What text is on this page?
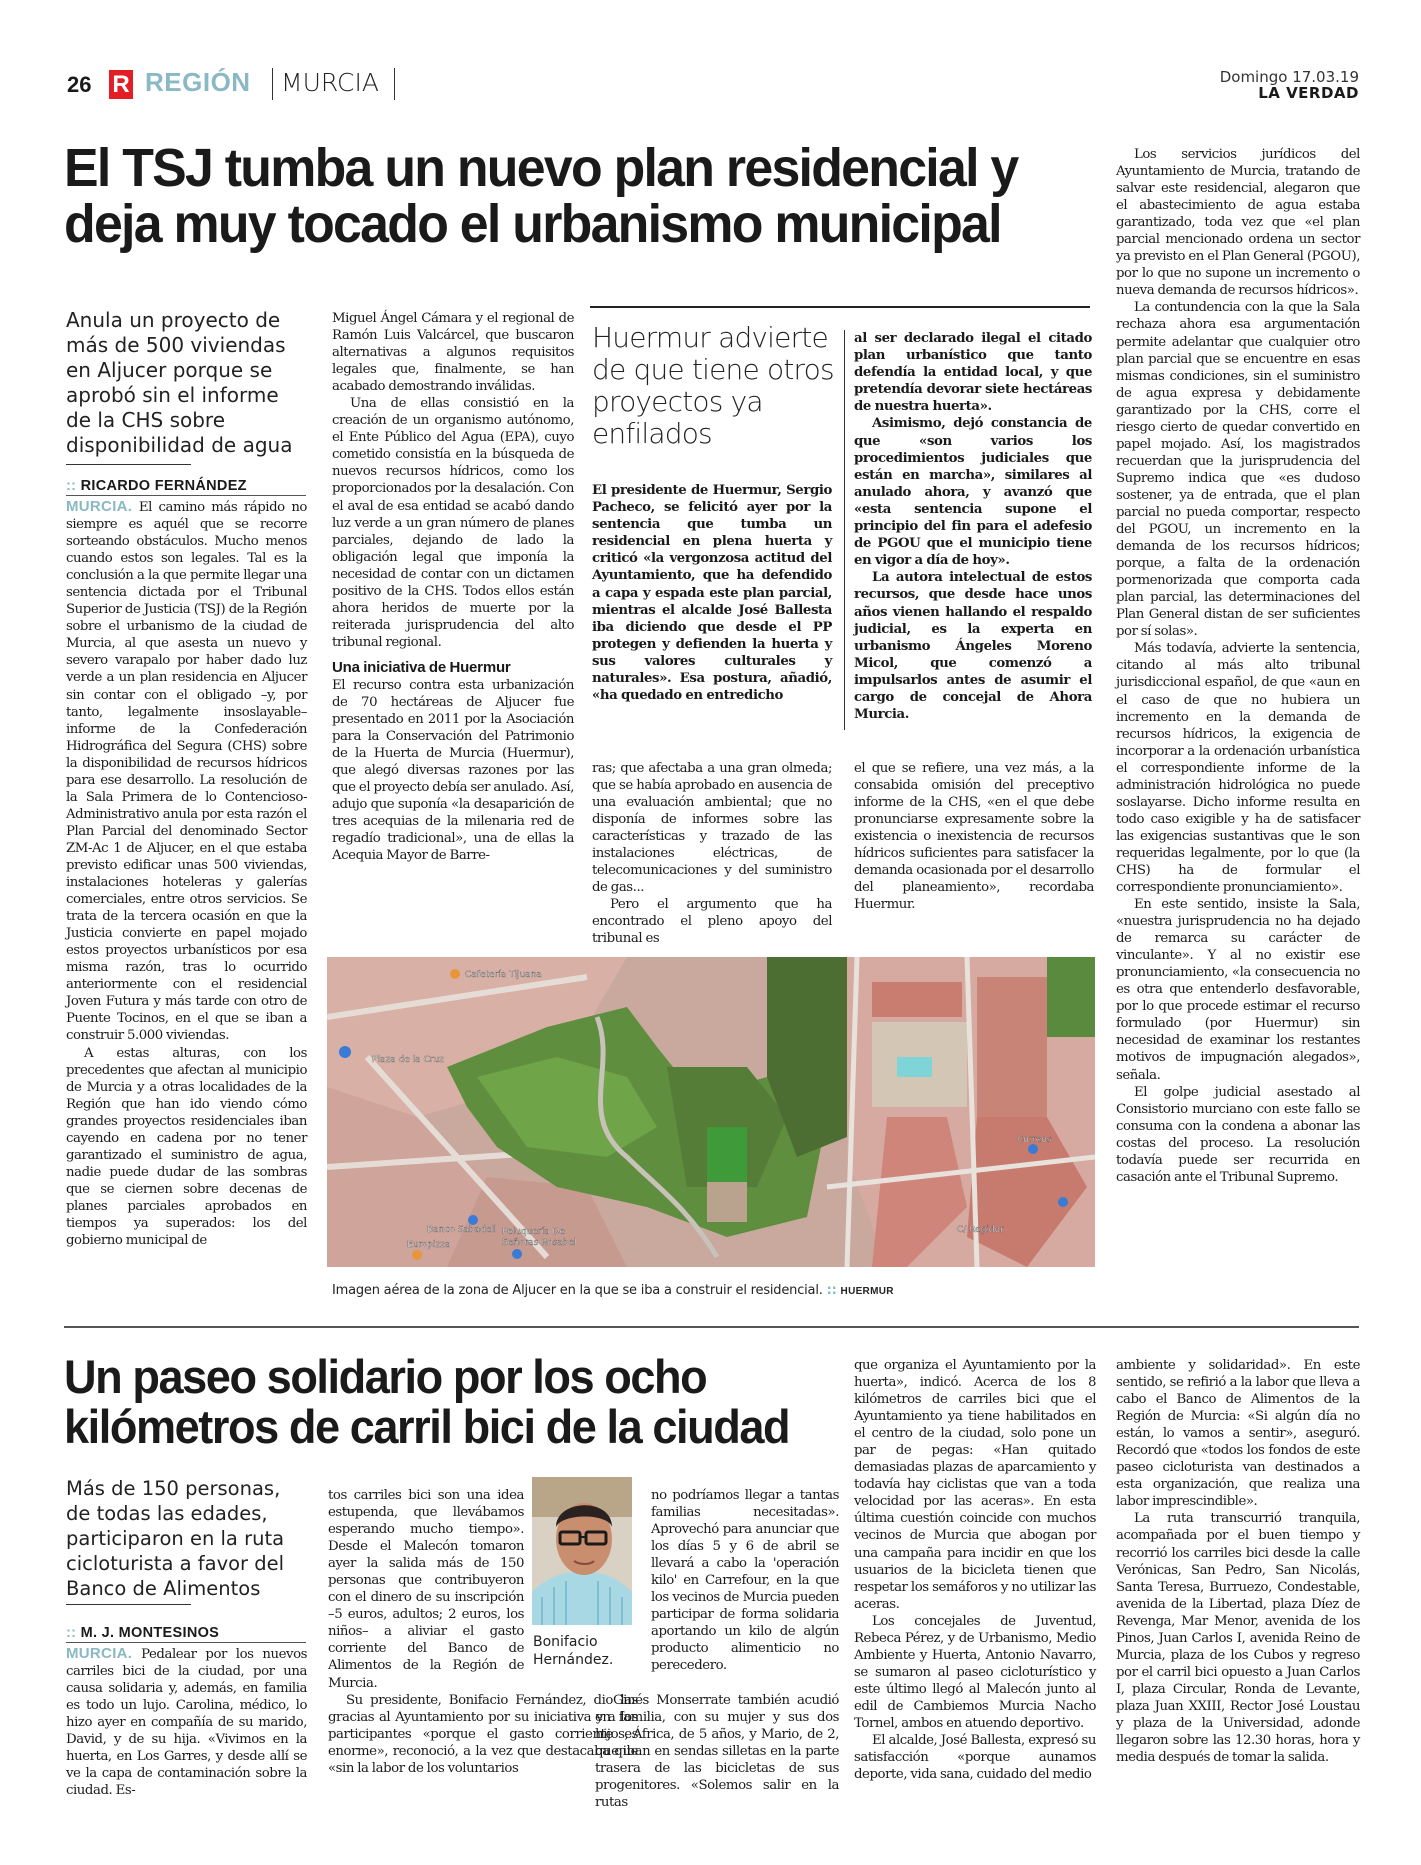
26 R REGIÓN MURCIA	Domingo 17.03.19
LA VERDAD
El TSJ tumba un nuevo plan residencial y deja muy tocado el urbanismo municipal
Anula un proyecto de más de 500 viviendas en Aljucer porque se aprobó sin el informe de la CHS sobre disponibilidad de agua
:: RICARDO FERNÁNDEZ

MURCIA. El camino más rápido no siempre es aquél que se recorre sorteando obstáculos. Mucho menos cuando estos son legales. Tal es la conclusión a la que permite llegar una sentencia dictada por el Tribunal Superior de Justicia (TSJ) de la Región sobre el urbanismo de la ciudad de Murcia, al que asesta un nuevo y severo varapalo por haber dado luz verde a un plan residencia en Aljucer sin contar con el obligado –y, por tanto, legalmente insoslayable– informe de la Confederación Hidrográfica del Segura (CHS) sobre la disponibilidad de recursos hídricos para ese desarrollo. La resolución de la Sala Primera de lo Contencioso-Administrativo anula por esta razón el Plan Parcial del denominado Sector ZM-Ac 1 de Aljucer, en el que estaba previsto edificar unas 500 viviendas, instalaciones hoteleras y galerías comerciales, entre otros servicios. Se trata de la tercera ocasión en que la Justicia convierte en papel mojado estos proyectos urbanísticos por esa misma razón, tras lo ocurrido anteriormente con el residencial Joven Futura y más tarde con otro de Puente Tocinos, en el que se iban a construir 5.000 viviendas.

A estas alturas, con los precedentes que afectan al municipio de Murcia y a otras localidades de la Región que han ido viendo cómo grandes proyectos residenciales iban cayendo en cadena por no tener garantizado el suministro de agua, nadie puede dudar de las sombras que se ciernen sobre decenas de planes parciales aprobados en tiempos ya superados: los del gobierno municipal de

Miguel Ángel Cámara y el regional de Ramón Luis Valcárcel, que buscaron alternativas a algunos requisitos legales que, finalmente, se han acabado demostrando inválidas.

Una de ellas consistió en la creación de un organismo autónomo, el Ente Público del Agua (EPA), cuyo cometido consistía en la búsqueda de nuevos recursos hídricos, como los proporcionados por la desalación. Con el aval de esa entidad se acabó dando luz verde a un gran número de planes parciales, dejando de lado la obligación legal que imponía la necesidad de contar con un dictamen positivo de la CHS. Todos ellos están ahora heridos de muerte por la reiterada jurisprudencia del alto tribunal regional.

Una iniciativa de Huermur

El recurso contra esta urbanización de 70 hectáreas de Aljucer fue presentado en 2011 por la Asociación para la Conservación del Patrimonio de la Huerta de Murcia (Huermur), que alegó diversas razones por las que el proyecto debía ser anulado. Así, adujo que suponía «la desaparición de tres acequias de la milenaria red de regadío tradicional», una de ellas la Acequia Mayor de Barre-

Huermur advierte de que tiene otros proyectos ya enfilados

El presidente de Huermur, Sergio Pacheco, se felicitó ayer por la sentencia que tumba un residencial en plena huerta y criticó «la vergonzosa actitud del Ayuntamiento, que ha defendido a capa y espada este plan parcial, mientras el alcalde José Ballesta iba diciendo que desde el PP protegen y defienden la huerta y sus valores culturales y naturales». Esa postura, añadió, «ha quedado en entredicho

al ser declarado ilegal el citado plan urbanístico que tanto defendía la entidad local, y que pretendía devorar siete hectáreas de nuestra huerta».

Asimismo, dejó constancia de que «son varios los procedimientos judiciales que están en marcha», similares al anulado ahora, y avanzó que «esta sentencia supone el principio del fin para el adefesio de PGOU que el municipio tiene en vigor a día de hoy».

La autora intelectual de estos recursos, que desde hace unos años vienen hallando el respaldo judicial, es la experta en urbanismo Ángeles Moreno Micol, que comenzó a impulsarlos antes de asumir el cargo de concejal de Ahora Murcia.

ras; que afectaba a una gran olmeda; que se había aprobado en ausencia de una evaluación ambiental; que no disponía de informes sobre las características y trazado de las instalaciones eléctricas, de telecomunicaciones y del suministro de gas...

Pero el argumento que ha encontrado el pleno apoyo del tribunal es

el que se refiere, una vez más, a la consabida omisión del preceptivo informe de la CHS, «en el que debe pronunciarse expresamente sobre la existencia o inexistencia de recursos hídricos suficientes para satisfacer la demanda ocasionada por el desarrollo del planeamiento», recordaba Huermur.

Los servicios jurídicos del Ayuntamiento de Murcia, tratando de salvar este residencial, alegaron que el abastecimiento de agua estaba garantizado, toda vez que «el plan parcial mencionado ordena un sector ya previsto en el Plan General (PGOU), por lo que no supone un incremento o nueva demanda de recursos hídricos».

La contundencia con la que la Sala rechaza ahora esa argumentación permite adelantar que cualquier otro plan parcial que se encuentre en esas mismas condiciones, sin el suministro de agua expresa y debidamente garantizado por la CHS, corre el riesgo cierto de quedar convertido en papel mojado. Así, los magistrados recuerdan que la jurisprudencia del Supremo indica que «es dudoso sostener, ya de entrada, que el plan parcial no pueda comportar, respecto del PGOU, un incremento en la demanda de los recursos hídricos; porque, a falta de la ordenación pormenorizada que comporta cada plan parcial, las determinaciones del Plan General distan de ser suficientes por sí solas».

Más todavía, advierte la sentencia, citando al más alto tribunal jurisdiccional español, de que «aun en el caso de que no hubiera un incremento en la demanda de recursos hídricos, la exigencia de incorporar a la ordenación urbanística el correspondiente informe de la administración hidrológica no puede soslayarse. Dicho informe resulta en todo caso exigible y ha de satisfacer las exigencias sustantivas que le son requeridas legalmente, por lo que (la CHS) ha de formular el correspondiente pronunciamiento».

En este sentido, insiste la Sala, «nuestra jurisprudencia no ha dejado de remarca su carácter de vinculante». Y al no existir ese pronunciamiento, «la consecuencia no es otra que entenderlo desfavorable, por lo que procede estimar el recurso formulado (por Huermur) sin necesidad de examinar los restantes motivos de impugnación alegados», señala.

El golpe judicial asestado al Consistorio murciano con este fallo se consuma con la condena a abonar las costas del proceso. La resolución todavía puede ser recurrida en casación ante el Tribunal Supremo.

Cafetería Tijuana
Plaza de la Cruz
Banco Sabadell
Europizza
Peluquería De
Señoras Rosabel
Correos
C/ Regidor
Imagen aérea de la zona de Aljucer en la que se iba a construir el residencial. :: HUERMUR
Un paseo solidario por los ocho kilómetros de carril bici de la ciudad
Más de 150 personas, de todas las edades, participaron en la ruta cicloturista a favor del Banco de Alimentos
:: M. J. MONTESINOS

MURCIA. Pedalear por los nuevos carriles bici de la ciudad, por una causa solidaria y, además, en familia es todo un lujo. Carolina, médico, lo hizo ayer en compañía de su marido, David, y de su hija. «Vivimos en la huerta, en Los Garres, y desde allí se ve la capa de contaminación sobre la ciudad. Es-

tos carriles bici son una idea estupenda, que llevábamos esperando mucho tiempo». Desde el Malecón tomaron ayer la salida más de 150 personas que contribuyeron con el dinero de su inscripción –5 euros, adultos; 2 euros, los niños– a aliviar el gasto corriente del Banco de Alimentos de la Región de Murcia.

Bonifacio Hernández.

Su presidente, Bonifacio Fernández, dio las gracias al Ayuntamiento por su iniciativa y a los participantes «porque el gasto corriente es enorme», reconoció, a la vez que destacaba que «sin la labor de los voluntarios

no podríamos llegar a tantas familias necesitadas». Aprovechó para anunciar que los días 5 y 6 de abril se llevará a cabo la 'operación kilo' en Carrefour, en la que los vecinos de Murcia pueden participar de forma solidaria aportando un kilo de algún producto alimenticio no perecedero.

Ginés Monserrate también acudió en familia, con su mujer y sus dos hijos, África, de 5 años, y Mario, de 2, que iban en sendas silletas en la parte trasera de las bicicletas de sus progenitores. «Solemos salir en la rutas

que organiza el Ayuntamiento por la huerta», indicó. Acerca de los 8 kilómetros de carriles bici que el Ayuntamiento ya tiene habilitados en el centro de la ciudad, solo pone un par de pegas: «Han quitado demasiadas plazas de aparcamiento y todavía hay ciclistas que van a toda velocidad por las aceras». En esta última cuestión coincide con muchos vecinos de Murcia que abogan por una campaña para incidir en que los usuarios de la bicicleta tienen que respetar los semáforos y no utilizar las aceras.

Los concejales de Juventud, Rebeca Pérez, y de Urbanismo, Medio Ambiente y Huerta, Antonio Navarro, se sumaron al paseo cicloturístico y este último llegó al Malecón junto al edil de Cambiemos Murcia Nacho Tornel, ambos en atuendo deportivo.

El alcalde, José Ballesta, expresó su satisfacción «porque aunamos deporte, vida sana, cuidado del medio

ambiente y solidaridad». En este sentido, se refirió a la labor que lleva a cabo el Banco de Alimentos de la Región de Murcia: «Si algún día no están, lo vamos a sentir», aseguró. Recordó que «todos los fondos de este paseo cicloturista van destinados a esta organización, que realiza una labor imprescindible».

La ruta transcurrió tranquila, acompañada por el buen tiempo y recorrió los carriles bici desde la calle Verónicas, San Pedro, San Nicolás, Santa Teresa, Burruezo, Condestable, avenida de la Libertad, plaza Díez de Revenga, Mar Menor, avenida de los Pinos, Juan Carlos I, avenida Reino de Murcia, plaza de los Cubos y regreso por el carril bici opuesto a Juan Carlos I, plaza Circular, Ronda de Levante, plaza Juan XXIII, Rector José Loustau y plaza de la Universidad, adonde llegaron sobre las 12.30 horas, hora y media después de tomar la salida.
